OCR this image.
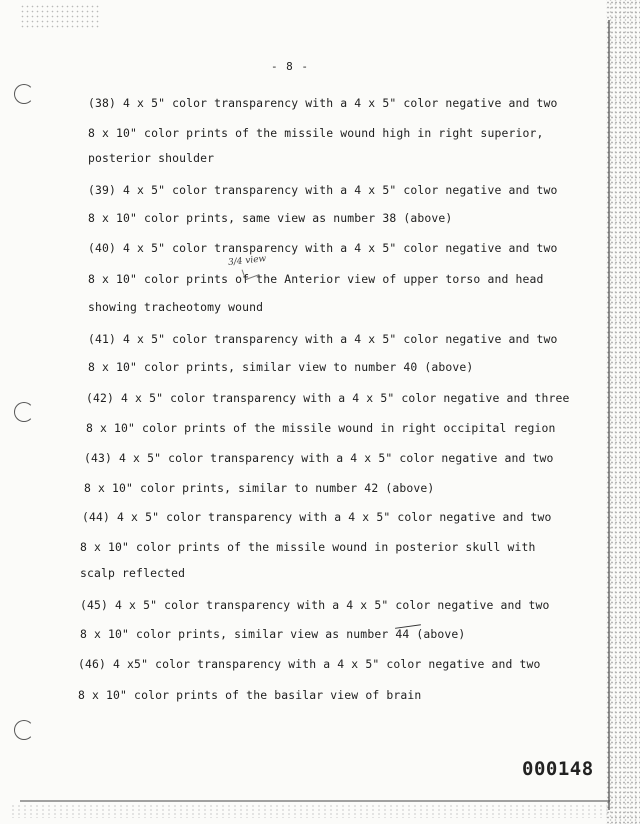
- 8 -
(38) 4 x 5" color transparency with a 4 x 5" color negative and two
8 x 10" color prints of the missile wound high in right superior,
posterior shoulder
(39) 4 x 5" color transparency with a 4 x 5" color negative and two
8 x 10" color prints, same view as number 38 (above)
(40) 4 x 5" color transparency with a 4 x 5" color negative and two
8 x 10" color prints of the Anterior view of upper torso and head
showing tracheotomy wound
(41) 4 x 5" color transparency with a 4 x 5" color negative and two
8 x 10" color prints, similar view to number 40 (above)
(42) 4 x 5" color transparency with a 4 x 5" color negative and three
8 x 10" color prints of the missile wound in right occipital region
(43) 4 x 5" color transparency with a 4 x 5" color negative and two
8 x 10" color prints, similar to number 42 (above)
(44) 4 x 5" color transparency with a 4 x 5" color negative and two
8 x 10" color prints of the missile wound in posterior skull with
scalp reflected
(45) 4 x 5" color transparency with a 4 x 5" color negative and two
8 x 10" color prints, similar view as number 44 (above)
(46) 4 x5" color transparency with a 4 x 5" color negative and two
8 x 10" color prints of the basilar view of brain
3/4 view
000148
